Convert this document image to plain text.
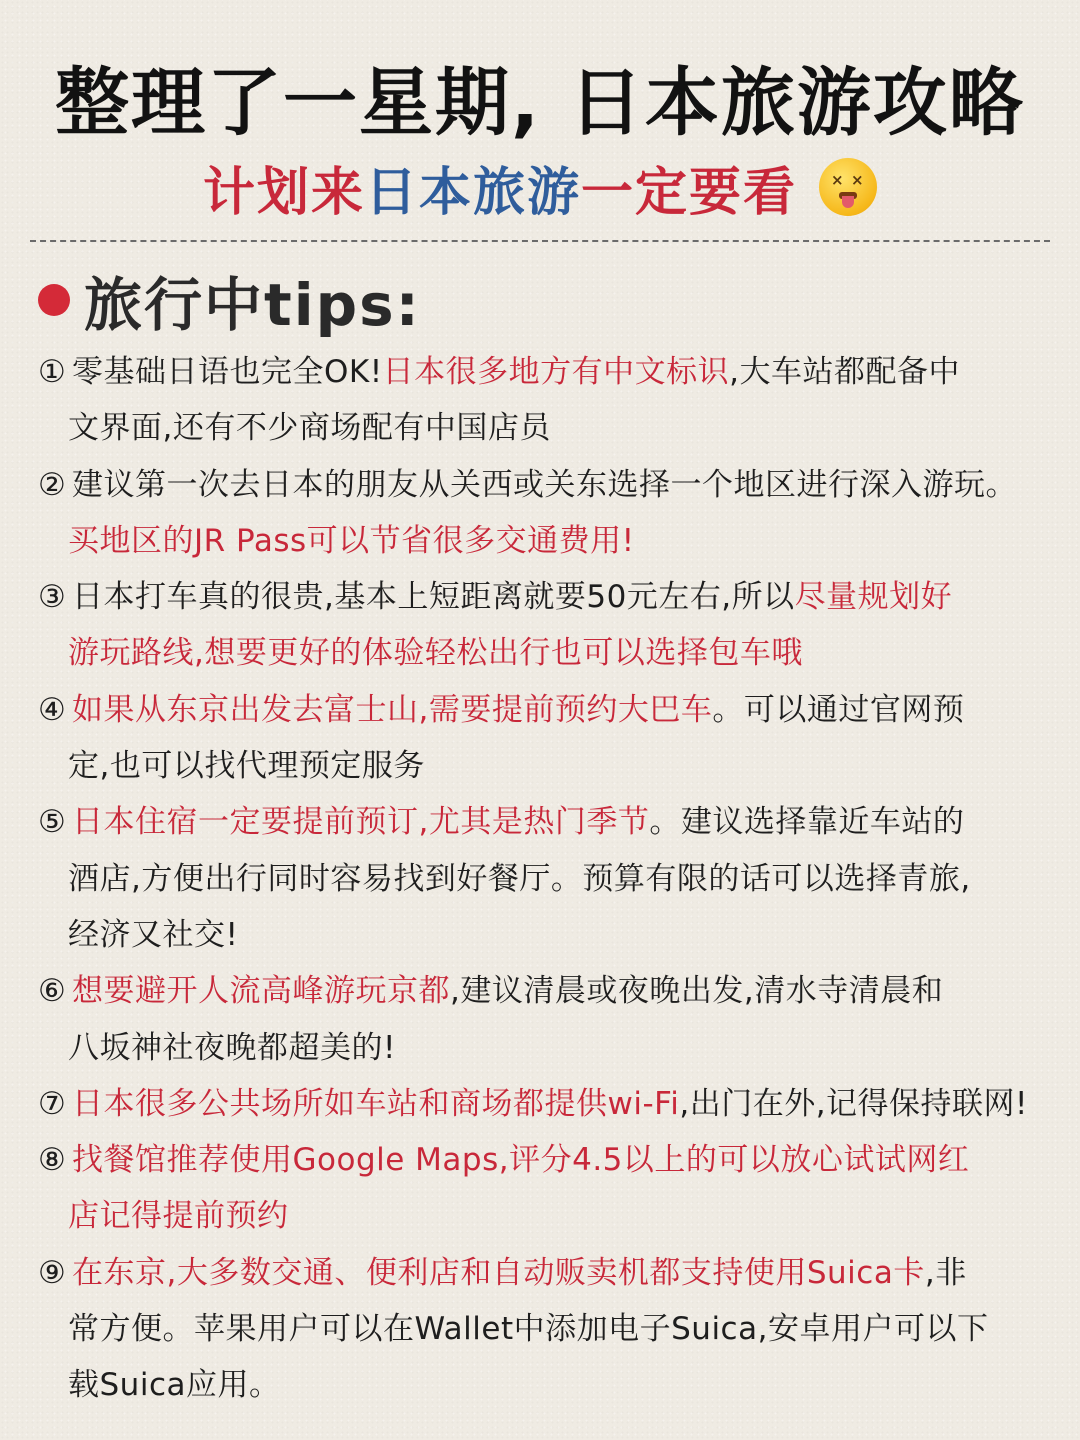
整理了一星期, 日本旅游攻略
计划来日本旅游一定要看 × ×
旅行中tips:
① 零基础日语也完全OK!日本很多地方有中文标识,大车站都配备中
文界面,还有不少商场配有中国店员
② 建议第一次去日本的朋友从关西或关东选择一个地区进行深入游玩。
买地区的JR Pass可以节省很多交通费用!
③ 日本打车真的很贵,基本上短距离就要50元左右,所以尽量规划好
游玩路线,想要更好的体验轻松出行也可以选择包车哦
④ 如果从东京出发去富士山,需要提前预约大巴车。可以通过官网预
定,也可以找代理预定服务
⑤ 日本住宿一定要提前预订,尤其是热门季节。建议选择靠近车站的
酒店,方便出行同时容易找到好餐厅。预算有限的话可以选择青旅,
经济又社交!
⑥ 想要避开人流高峰游玩京都,建议清晨或夜晚出发,清水寺清晨和
八坂神社夜晚都超美的!
⑦ 日本很多公共场所如车站和商场都提供wi-Fi,出门在外,记得保持联网!
⑧ 找餐馆推荐使用Google Maps,评分4.5以上的可以放心试试网红
店记得提前预约
⑨ 在东京,大多数交通、便利店和自动贩卖机都支持使用Suica卡,非
常方便。苹果用户可以在Wallet中添加电子Suica,安卓用户可以下
载Suica应用。
